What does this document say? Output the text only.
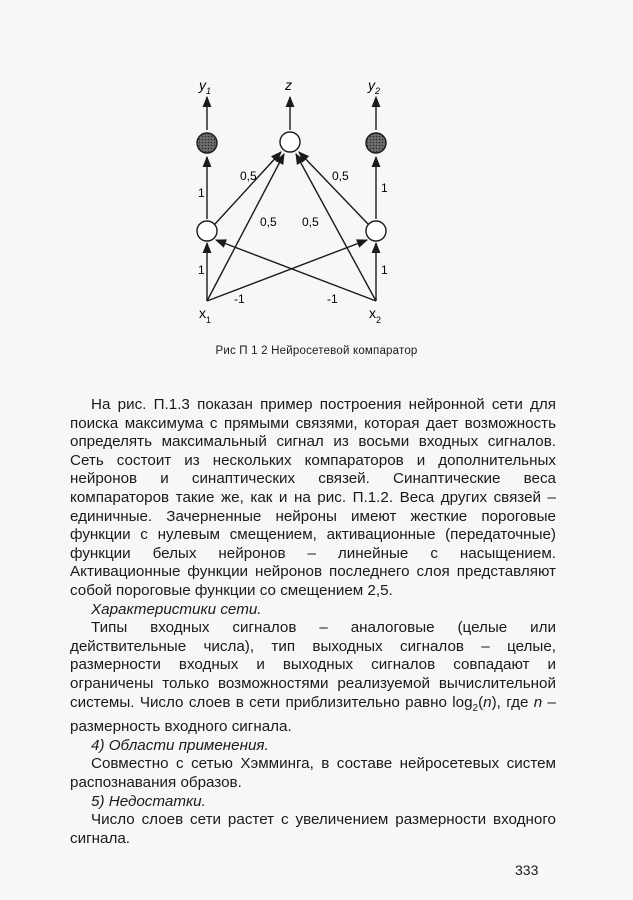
$y_1$	z	$y_2$
$x_1$	$x_2$
1	1
1	1
-1	-1
0,5	0,5
0,5 0,5
Рис П 1 2 Нейросетевой компаратор

На рис. П.1.3 показан пример построения нейронной сети для поиска максимума с прямыми связями, которая дает возможность определять максимальный сигнал из восьми входных сигналов. Сеть состоит из нескольких компараторов и дополнительных нейронов и синаптических связей. Синаптические веса компараторов такие же, как и на рис. П.1.2. Веса других связей – единичные. Зачерненные нейроны имеют жесткие пороговые функции с нулевым смещением, активационные (передаточные) функции белых нейронов – линейные с насыщением. Активационные функции нейронов последнего слоя представляют собой пороговые функции со смещением 2,5.

Характеристики сети.

Типы входных сигналов – аналоговые (целые или действительные числа), тип выходных сигналов – целые, размерности входных и выходных сигналов совпадают и ограничены только возможностями реализуемой вычислительной системы. Число слоев в сети приблизительно равно $\log_2(n)$, где n – размерность входного сигнала.

4) Области применения.

Совместно с сетью Хэмминга, в составе нейросетевых систем распознавания образов.

5) Недостатки.

Число слоев сети растет с увеличением размерности входного сигнала.

333
